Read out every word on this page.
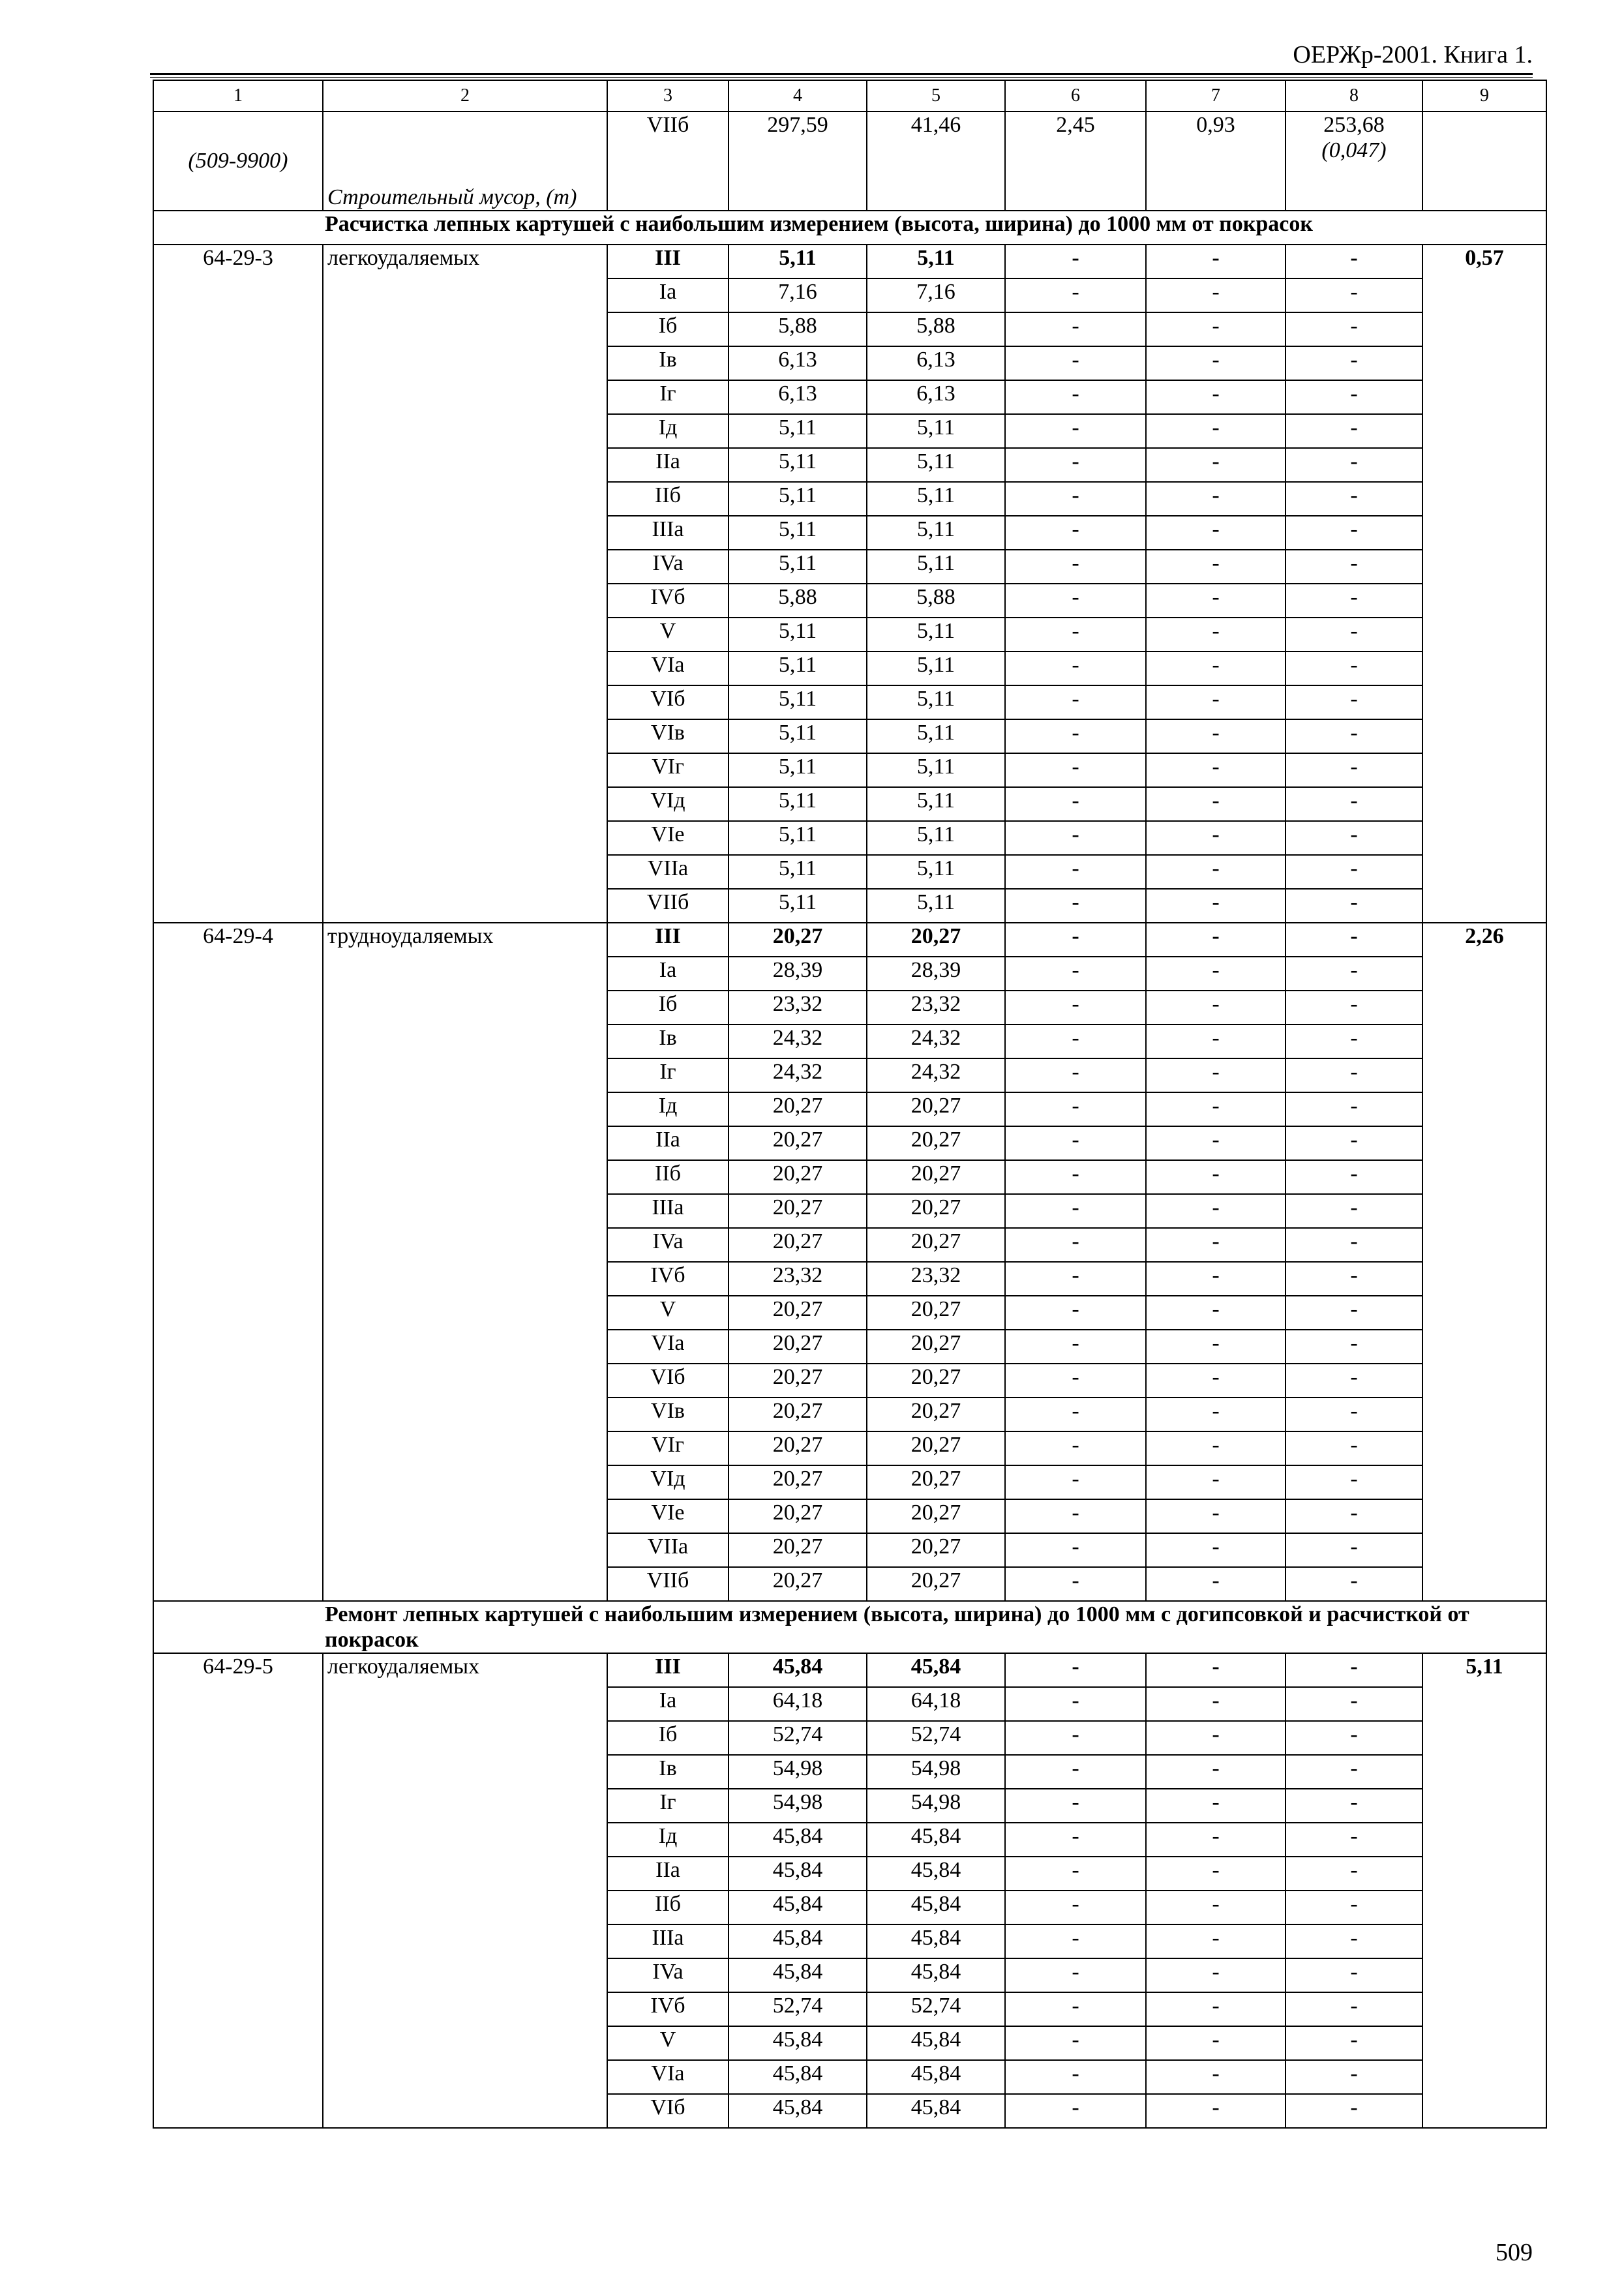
ОЕРЖр-2001. Книга 1.
1	2	3	4	5	6	7	8	9
(509-9900)	Строительный мусор, (т)	VIIб	297,59	41,46	2,45	0,93	253,68
(0,047)	

Расчистка лепных картушей с наибольшим измерением (высота, ширина) до 1000 мм от покрасок								
64-29-3	легкоудаляемых	III	5,11	5,11	-	-	-	0,57
		Ia	7,16	7,16	-	-	-	
		Iб	5,88	5,88	-	-	-	
		Iв	6,13	6,13	-	-	-	
		Iг	6,13	6,13	-	-	-	
		Iд	5,11	5,11	-	-	-	
		IIa	5,11	5,11	-	-	-	
		IIб	5,11	5,11	-	-	-	
		IIIa	5,11	5,11	-	-	-	
		IVa	5,11	5,11	-	-	-	
		IVб	5,88	5,88	-	-	-	
		V	5,11	5,11	-	-	-	
		VIa	5,11	5,11	-	-	-	
		VIб	5,11	5,11	-	-	-	
		VIв	5,11	5,11	-	-	-	
		VIг	5,11	5,11	-	-	-	
		VIд	5,11	5,11	-	-	-	
		VIe	5,11	5,11	-	-	-	
		VIIa	5,11	5,11	-	-	-	
		VIIб	5,11	5,11	-	-	-	
64-29-4	трудноудаляемых	III	20,27	20,27	-	-	-	2,26
		Ia	28,39	28,39	-	-	-	
		Iб	23,32	23,32	-	-	-	
		Iв	24,32	24,32	-	-	-	
		Iг	24,32	24,32	-	-	-	
		Iд	20,27	20,27	-	-	-	
		IIa	20,27	20,27	-	-	-	
		IIб	20,27	20,27	-	-	-	
		IIIa	20,27	20,27	-	-	-	
		IVa	20,27	20,27	-	-	-	
		IVб	23,32	23,32	-	-	-	
		V	20,27	20,27	-	-	-	
		VIa	20,27	20,27	-	-	-	
		VIб	20,27	20,27	-	-	-	
		VIв	20,27	20,27	-	-	-	
		VIг	20,27	20,27	-	-	-	
		VIд	20,27	20,27	-	-	-	
		VIe	20,27	20,27	-	-	-	
		VIIa	20,27	20,27	-	-	-	
		VIIб	20,27	20,27	-	-	-	
Ремонт лепных картушей с наибольшим измерением (высота, ширина) до 1000 мм с догипсовкой и расчисткой от покрасок								
64-29-5	легкоудаляемых	III	45,84	45,84	-	-	-	5,11
		Ia	64,18	64,18	-	-	-	
		Iб	52,74	52,74	-	-	-	
		Iв	54,98	54,98	-	-	-	
		Iг	54,98	54,98	-	-	-	
		Iд	45,84	45,84	-	-	-	
		IIa	45,84	45,84	-	-	-	
		IIб	45,84	45,84	-	-	-	
		IIIa	45,84	45,84	-	-	-	
		IVa	45,84	45,84	-	-	-	
		IVб	52,74	52,74	-	-	-	
		V	45,84	45,84	-	-	-	
		VIa	45,84	45,84	-	-	-	
		VIб	45,84	45,84	-	-	-	
509
